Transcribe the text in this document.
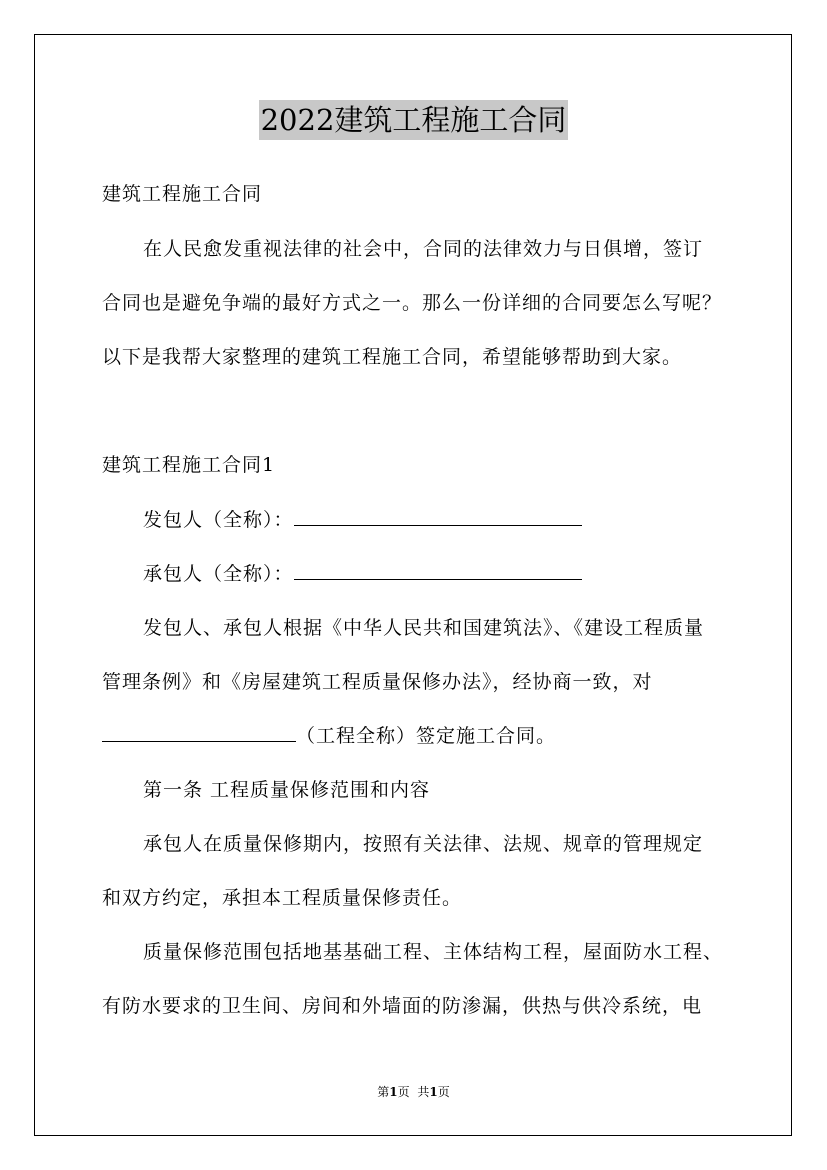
2022建筑工程施工合同
建筑工程施工合同
在人民愈发重视法律的社会中，合同的法律效力与日俱增，签订
合同也是避免争端的最好方式之一。那么一份详细的合同要怎么写呢？
以下是我帮大家整理的建筑工程施工合同，希望能够帮助到大家。
建筑工程施工合同1
发包人（全称）：
承包人（全称）：
发包人、承包人根据《中华人民共和国建筑法》、《建设工程质量
管理条例》和《房屋建筑工程质量保修办法》，经协商一致，对
（工程全称）签定施工合同。
第一条 工程质量保修范围和内容
承包人在质量保修期内，按照有关法律、法规、规章的管理规定
和双方约定，承担本工程质量保修责任。
质量保修范围包括地基基础工程、主体结构工程，屋面防水工程、
有防水要求的卫生间、房间和外墙面的防渗漏，供热与供冷系统，电
第1页 共1页
